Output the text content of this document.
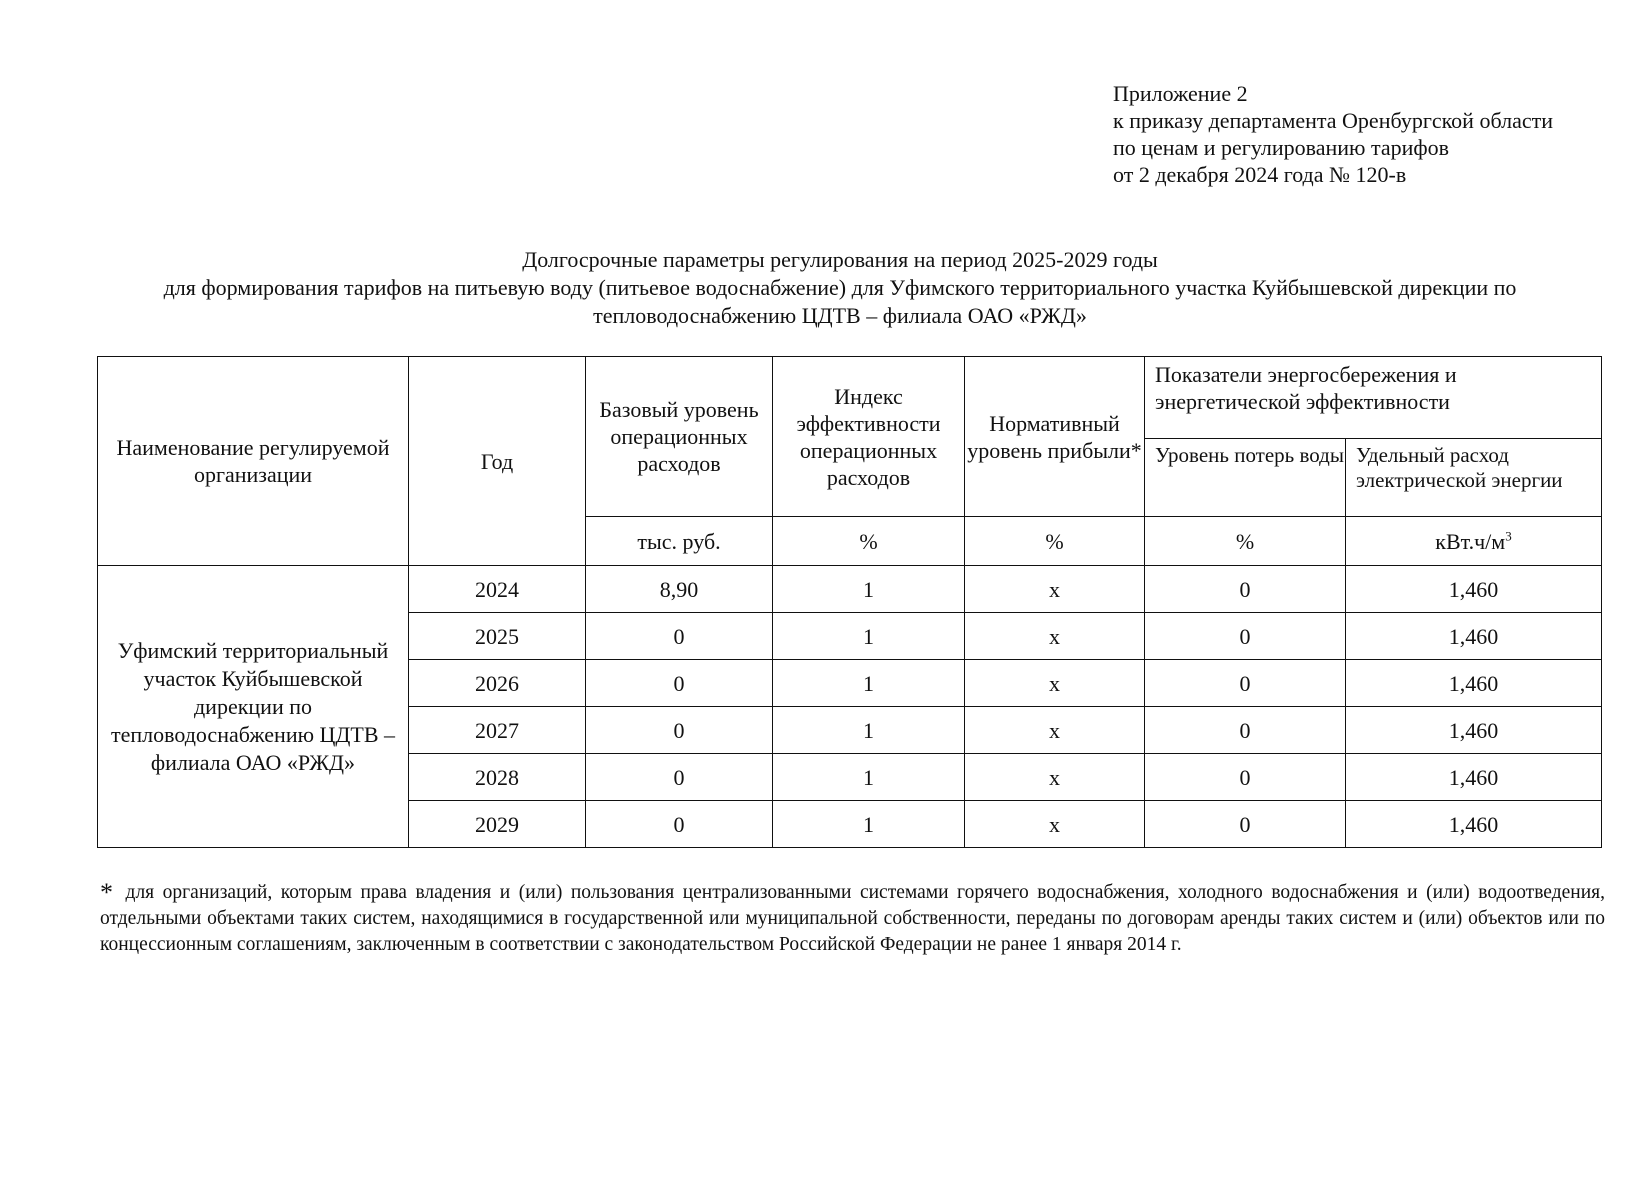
Приложение 2
к приказу департамента Оренбургской области
по ценам и регулированию тарифов
от 2 декабря 2024 года № 120-в
Долгосрочные параметры регулирования на период 2025-2029 годы
для формирования тарифов на питьевую воду (питьевое водоснабжение) для Уфимского территориального участка Куйбышевской дирекции по
тепловодоснабжению ЦДТВ – филиала ОАО «РЖД»
Наименование регулируемой организации	Год	Базовый уровень операционных расходов	Индекс эффективности операционных расходов	Нормативный уровень прибыли*	Показатели энергосбережения и энергетической эффективности	
					Уровень потерь воды	Удельный расход электрической энергии
		тыс. руб.	%	%	%	$кВт.ч/м^3$
Уфимский территориальный участок Куйбышевской дирекции по тепловодоснабжению ЦДТВ – филиала ОАО «РЖД»	2024	8,90	1	х	0	1,460
	2025	0	1	х	0	1,460
	2026	0	1	х	0	1,460
	2027	0	1	х	0	1,460
	2028	0	1	х	0	1,460
	2029	0	1	х	0	1,460
* для организаций, которым права владения и (или) пользования централизованными системами горячего водоснабжения, холодного водоснабжения и (или) водоотведения, отдельными объектами таких систем, находящимися в государственной или муниципальной собственности, переданы по договорам аренды таких систем и (или) объектов или по концессионным соглашениям, заключенным в соответствии с законодательством Российской Федерации не ранее 1 января 2014 г.
